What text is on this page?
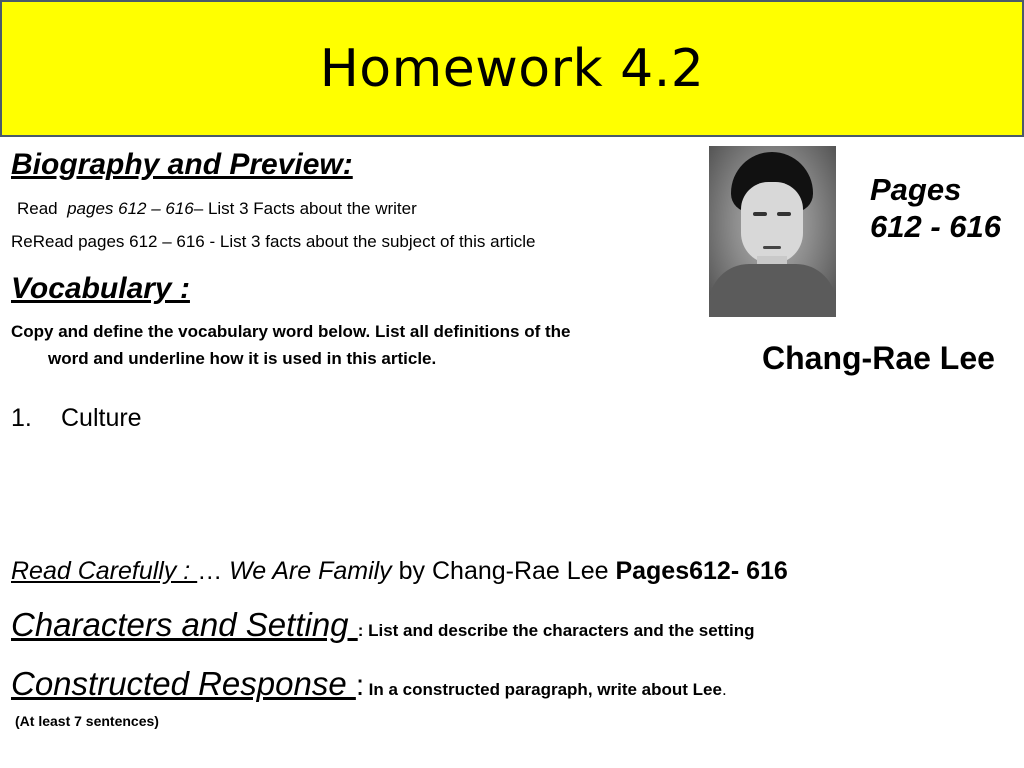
Homework 4.2
Biography and Preview:
Read pages 612 – 616– List 3 Facts about the writer
ReRead pages 612 – 616 - List 3 facts about the subject of this article
Vocabulary :
Copy and define the vocabulary word below. List all definitions of the
word and underline how it is used in this article.
1. Culture
Pages
612 - 616
Chang-Rae Lee
Read Carefully : … We Are Family by Chang-Rae Lee Pages612- 616
Characters and Setting : List and describe the characters and the setting
Constructed Response : In a constructed paragraph, write about Lee.
(At least 7 sentences)
